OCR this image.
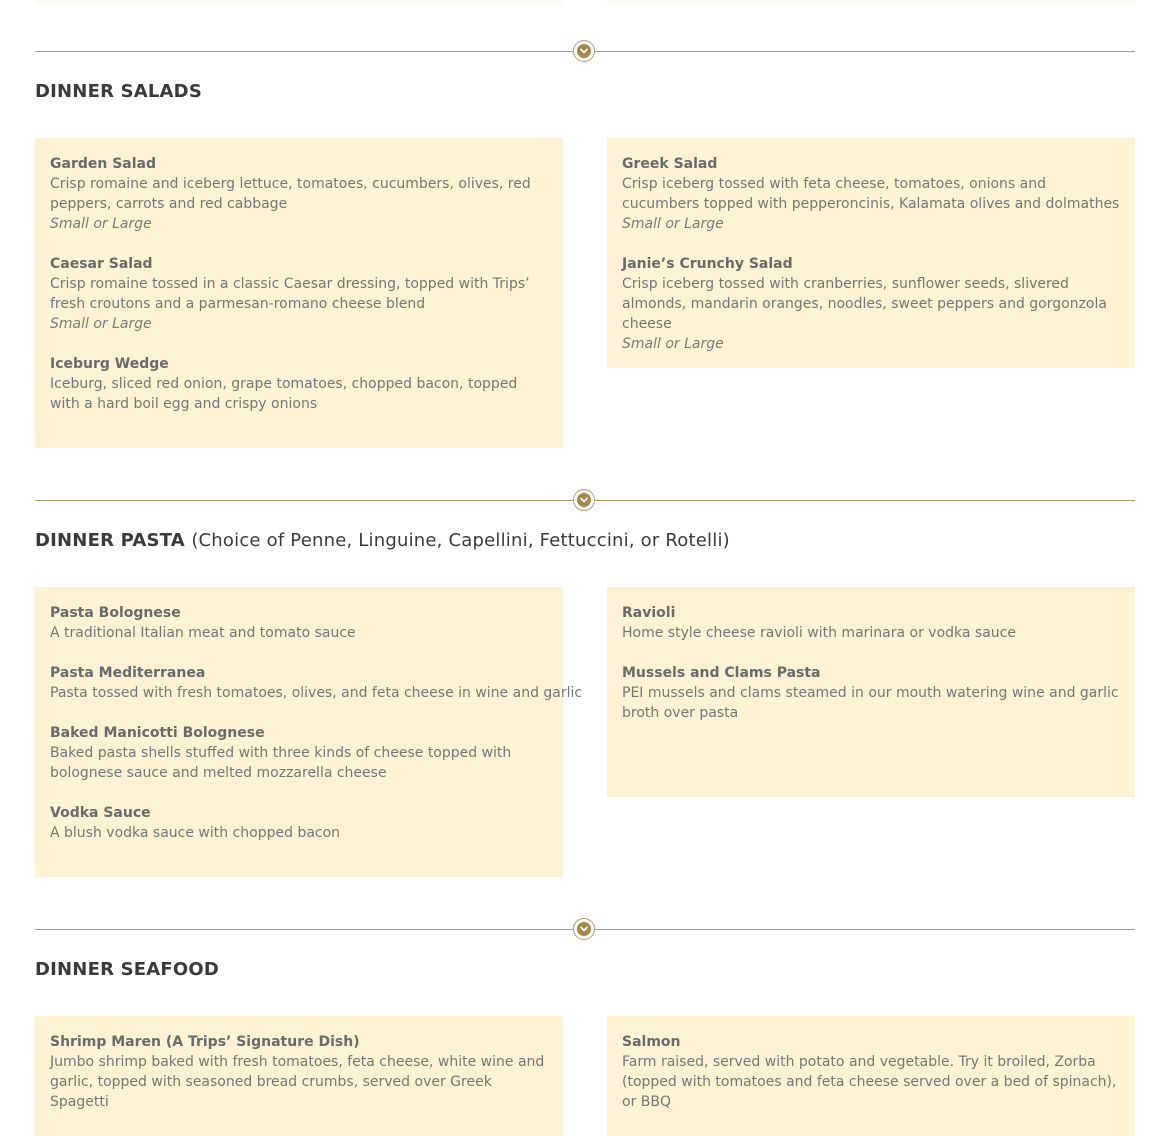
DINNER SALADS
Garden Salad
Crisp romaine and iceberg lettuce, tomatoes, cucumbers, olives, red peppers, carrots and red cabbage
Small or Large
Caesar Salad
Crisp romaine tossed in a classic Caesar dressing, topped with Trips’ fresh croutons and a parmesan-romano cheese blend
Small or Large
Iceburg Wedge
Iceburg, sliced red onion, grape tomatoes, chopped bacon, topped with a hard boil egg and crispy onions
Greek Salad
Crisp iceberg tossed with feta cheese, tomatoes, onions and cucumbers topped with pepperoncinis, Kalamata olives and dolmathes
Small or Large
Janie’s Crunchy Salad
Crisp iceberg tossed with cranberries, sunflower seeds, slivered almonds, mandarin oranges, noodles, sweet peppers and gorgonzola cheese
Small or Large
DINNER PASTA (Choice of Penne, Linguine, Capellini, Fettuccini, or Rotelli)
Pasta Bolognese
A traditional Italian meat and tomato sauce
Pasta Mediterranea
Pasta tossed with fresh tomatoes, olives, and feta cheese in wine and garlic
Baked Manicotti Bolognese
Baked pasta shells stuffed with three kinds of cheese topped with bolognese sauce and melted mozzarella cheese
Vodka Sauce
A blush vodka sauce with chopped bacon
Ravioli
Home style cheese ravioli with marinara or vodka sauce
Mussels and Clams Pasta
PEI mussels and clams steamed in our mouth watering wine and garlic broth over pasta
DINNER SEAFOOD
Shrimp Maren (A Trips’ Signature Dish)
Jumbo shrimp baked with fresh tomatoes, feta cheese, white wine and garlic, topped with seasoned bread crumbs, served over Greek Spagetti
Salmon
Farm raised, served with potato and vegetable. Try it broiled, Zorba (topped with tomatoes and feta cheese served over a bed of spinach), or BBQ
